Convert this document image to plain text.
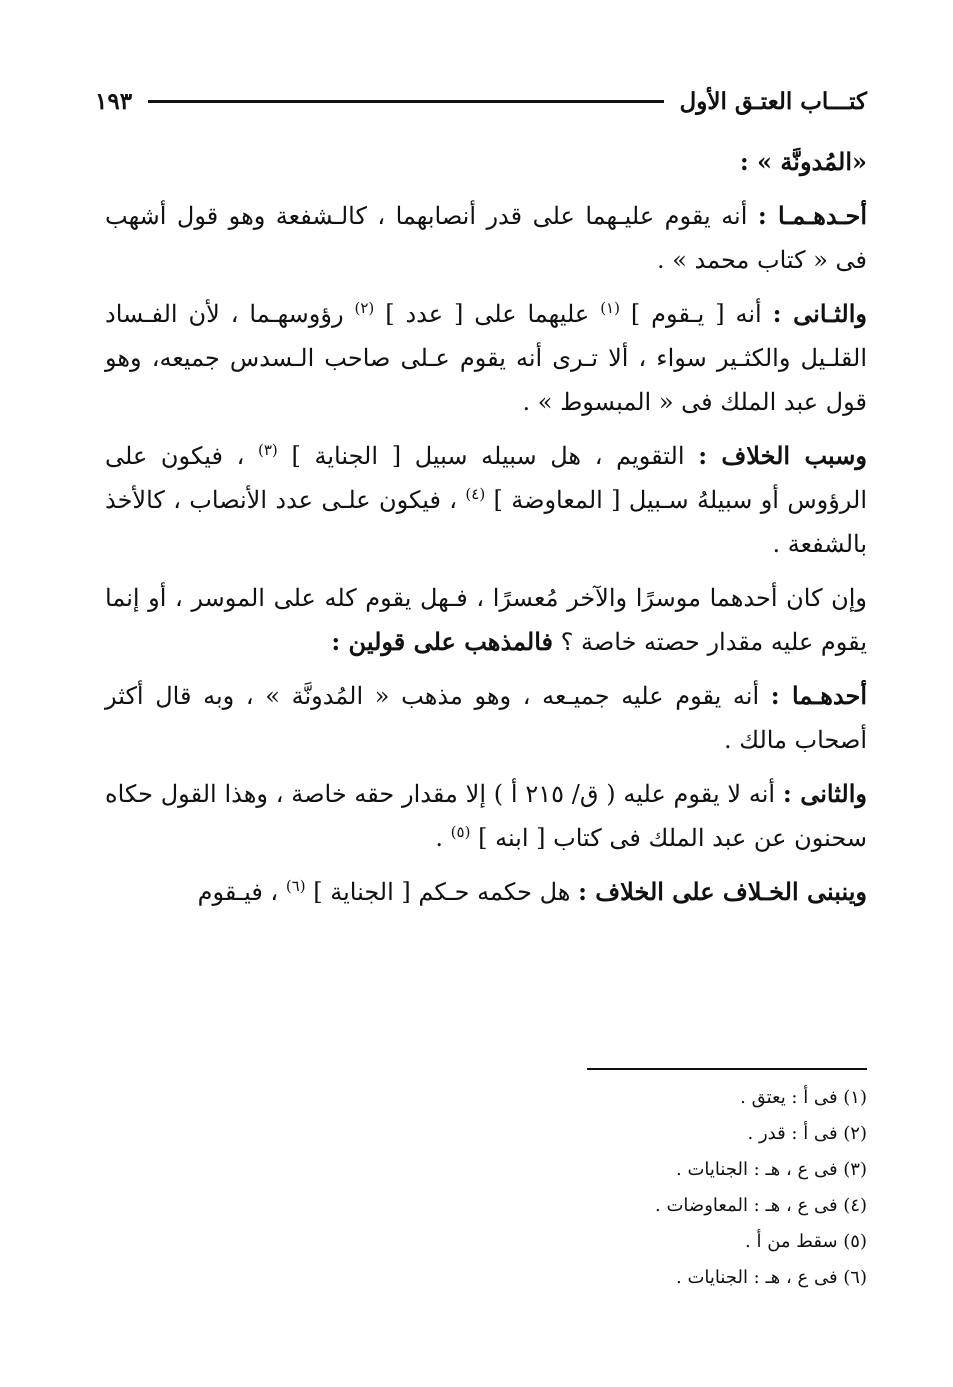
كتـــاب العتـق الأول
١٩٣

«المُدونَّة » :

أحـدهـمـا : أنه يقوم عليـهما على قدر أنصابهما ، كالـشفعة وهو قول أشهب فى « كتاب محمد » .

والثـانى : أنه [ يـقوم ] $^{(١)}$ عليهما على [ عدد ] $^{(٢)}$ رؤوسهـما ، لأن الفـساد القلـيل والكثـير سواء ، ألا تـرى أنه يقوم عـلى صاحب الـسدس جميعه، وهو قول عبد الملك فى « المبسوط » .

وسبب الخلاف : التقويم ، هل سبيله سبيل [ الجناية ] $^{(٣)}$ ، فيكون على الرؤوس أو سبيلهُ سـبيل [ المعاوضة ] $^{(٤)}$ ، فيكون علـى عدد الأنصاب ، كالأخذ بالشفعة .

وإن كان أحدهما موسرًا والآخر مُعسرًا ، فـهل يقوم كله على الموسر ، أو إنما يقوم عليه مقدار حصته خاصة ؟ فالمذهب على قولين :

أحدهـما : أنه يقوم عليه جميـعه ، وهو مذهب « المُدونَّة » ، وبه قال أكثر أصحاب مالك .

والثانى : أنه لا يقوم عليه ( ق/ ٢١٥ أ ) إلا مقدار حقه خاصة ، وهذا القول حكاه سحنون عن عبد الملك فى كتاب [ ابنه ] $^{(٥)}$ .

وينبنى الخـلاف على الخلاف : هل حكمه حـكم [ الجناية ] $^{(٦)}$ ، فيـقوم

(١) فى أ : يعتق .
(٢) فى أ : قدر .
(٣) فى ع ، هـ : الجنايات .
(٤) فى ع ، هـ : المعاوضات .
(٥) سقط من أ .
(٦) فى ع ، هـ : الجنايات .
